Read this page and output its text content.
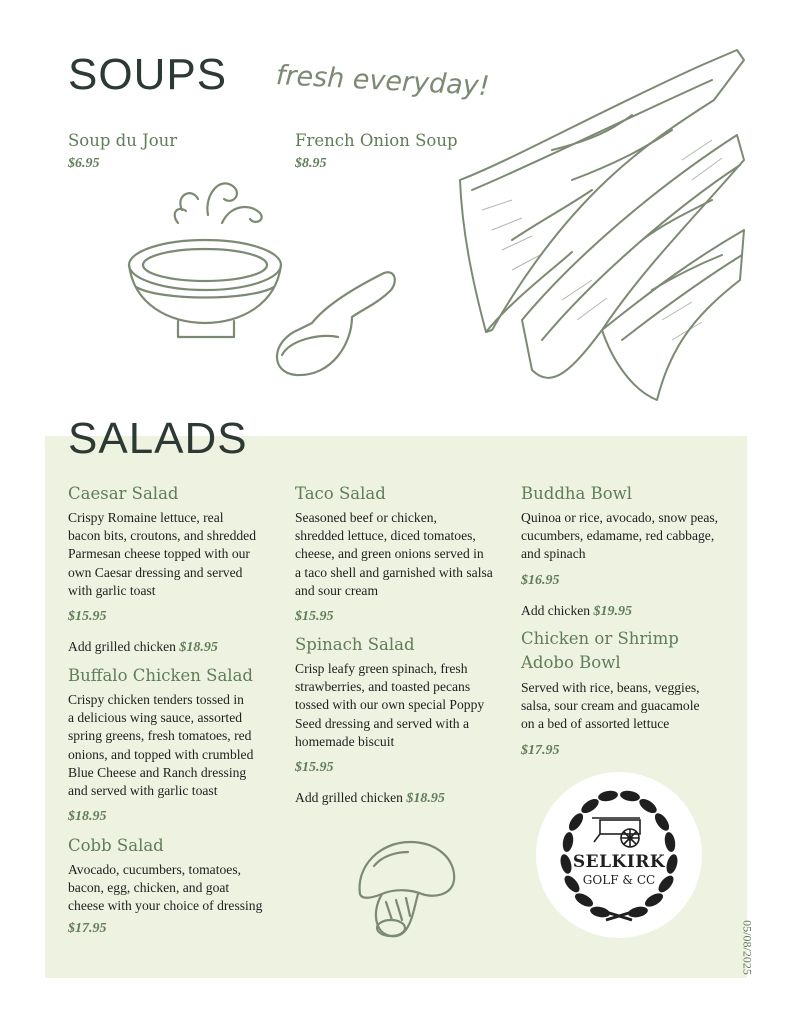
SOUPS fresh everyday!
Soup du Jour
$6.95
French Onion Soup
$8.95
SALADS
Caesar Salad
Crispy Romaine lettuce, real
bacon bits, croutons, and shredded
Parmesan cheese topped with our
own Caesar dressing and served
with garlic toast
$15.95
Add grilled chicken $18.95
Buffalo Chicken Salad
Crispy chicken tenders tossed in
a delicious wing sauce, assorted
spring greens, fresh tomatoes, red
onions, and topped with crumbled
Blue Cheese and Ranch dressing
and served with garlic toast
$18.95
Cobb Salad
Avocado, cucumbers, tomatoes,
bacon, egg, chicken, and goat
cheese with your choice of dressing
$17.95
Taco Salad
Seasoned beef or chicken,
shredded lettuce, diced tomatoes,
cheese, and green onions served in
a taco shell and garnished with salsa
and sour cream
$15.95
Spinach Salad
Crisp leafy green spinach, fresh
strawberries, and toasted pecans
tossed with our own special Poppy
Seed dressing and served with a
homemade biscuit
$15.95
Add grilled chicken $18.95
Buddha Bowl
Quinoa or rice, avocado, snow peas,
cucumbers, edamame, red cabbage,
and spinach
$16.95
Add chicken $19.95
Chicken or Shrimp
Adobo Bowl
Served with rice, beans, veggies,
salsa, sour cream and guacamole
on a bed of assorted lettuce
$17.95
SELKIRK
GOLF & CC
05/08/2025
